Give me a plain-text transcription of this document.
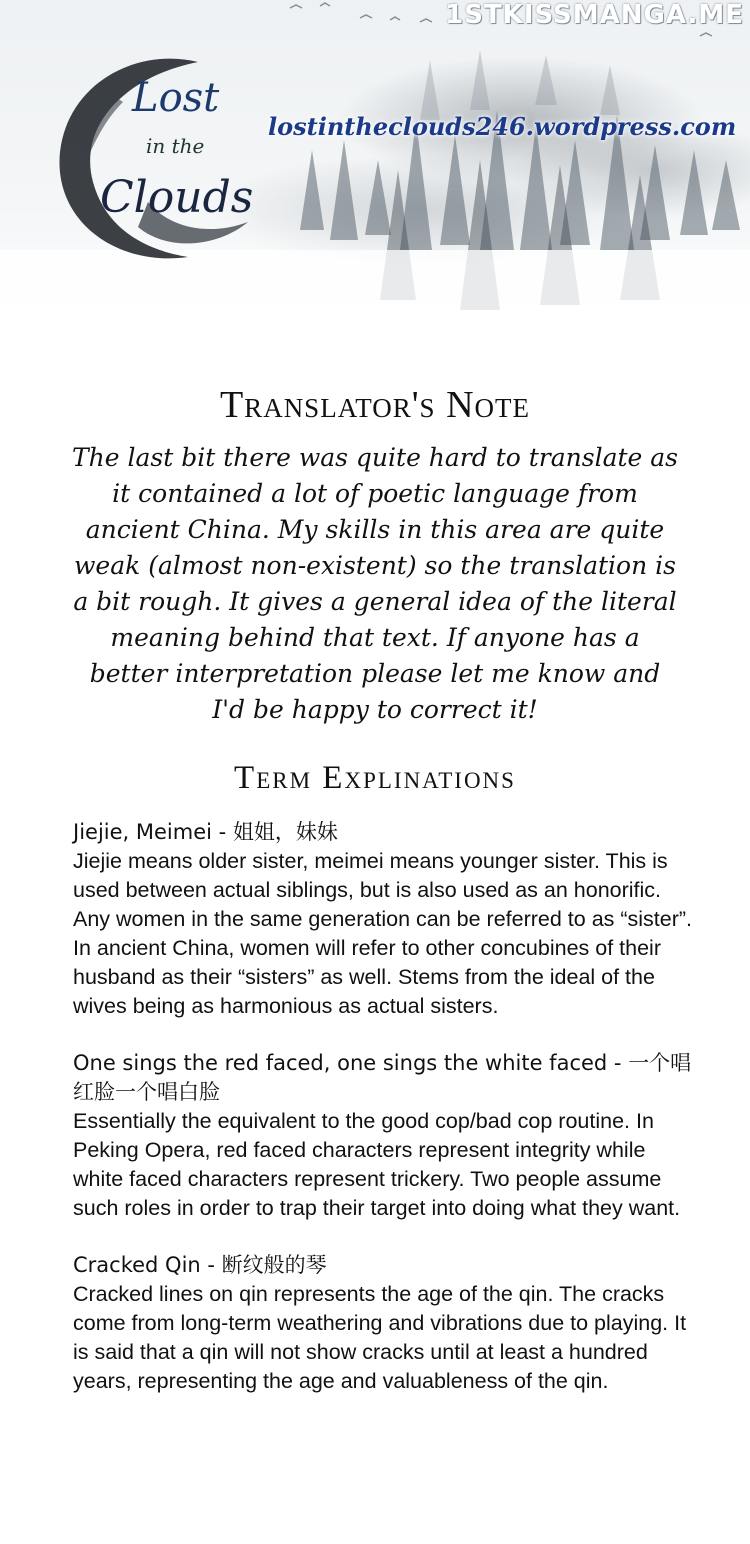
Lost
in the
Clouds
lostintheclouds246.wordpress.com
1STKISSMANGA.ME
Translator's Note
The last bit there was quite hard to translate as it contained a lot of poetic language from ancient China. My skills in this area are quite weak (almost non-existent) so the translation is a bit rough. It gives a general idea of the literal meaning behind that text. If anyone has a better interpretation please let me know and I'd be happy to correct it!
Term Explinations
Jiejie, Meimei - 姐姐，妹妹
Jiejie means older sister, meimei means younger sister. This is used between actual siblings, but is also used as an honorific. Any women in the same generation can be referred to as “sister”. In ancient China, women will refer to other concubines of their husband as their “sisters” as well. Stems from the ideal of the wives being as harmonious as actual sisters.
One sings the red faced, one sings the white faced - 一个唱红脸一个唱白脸
Essentially the equivalent to the good cop/bad cop routine. In Peking Opera, red faced characters represent integrity while white faced characters represent trickery. Two people assume such roles in order to trap their target into doing what they want.
Cracked Qin - 断纹般的琴
Cracked lines on qin represents the age of the qin. The cracks come from long-term weathering and vibrations due to playing. It is said that a qin will not show cracks until at least a hundred years, representing the age and valuableness of the qin.
